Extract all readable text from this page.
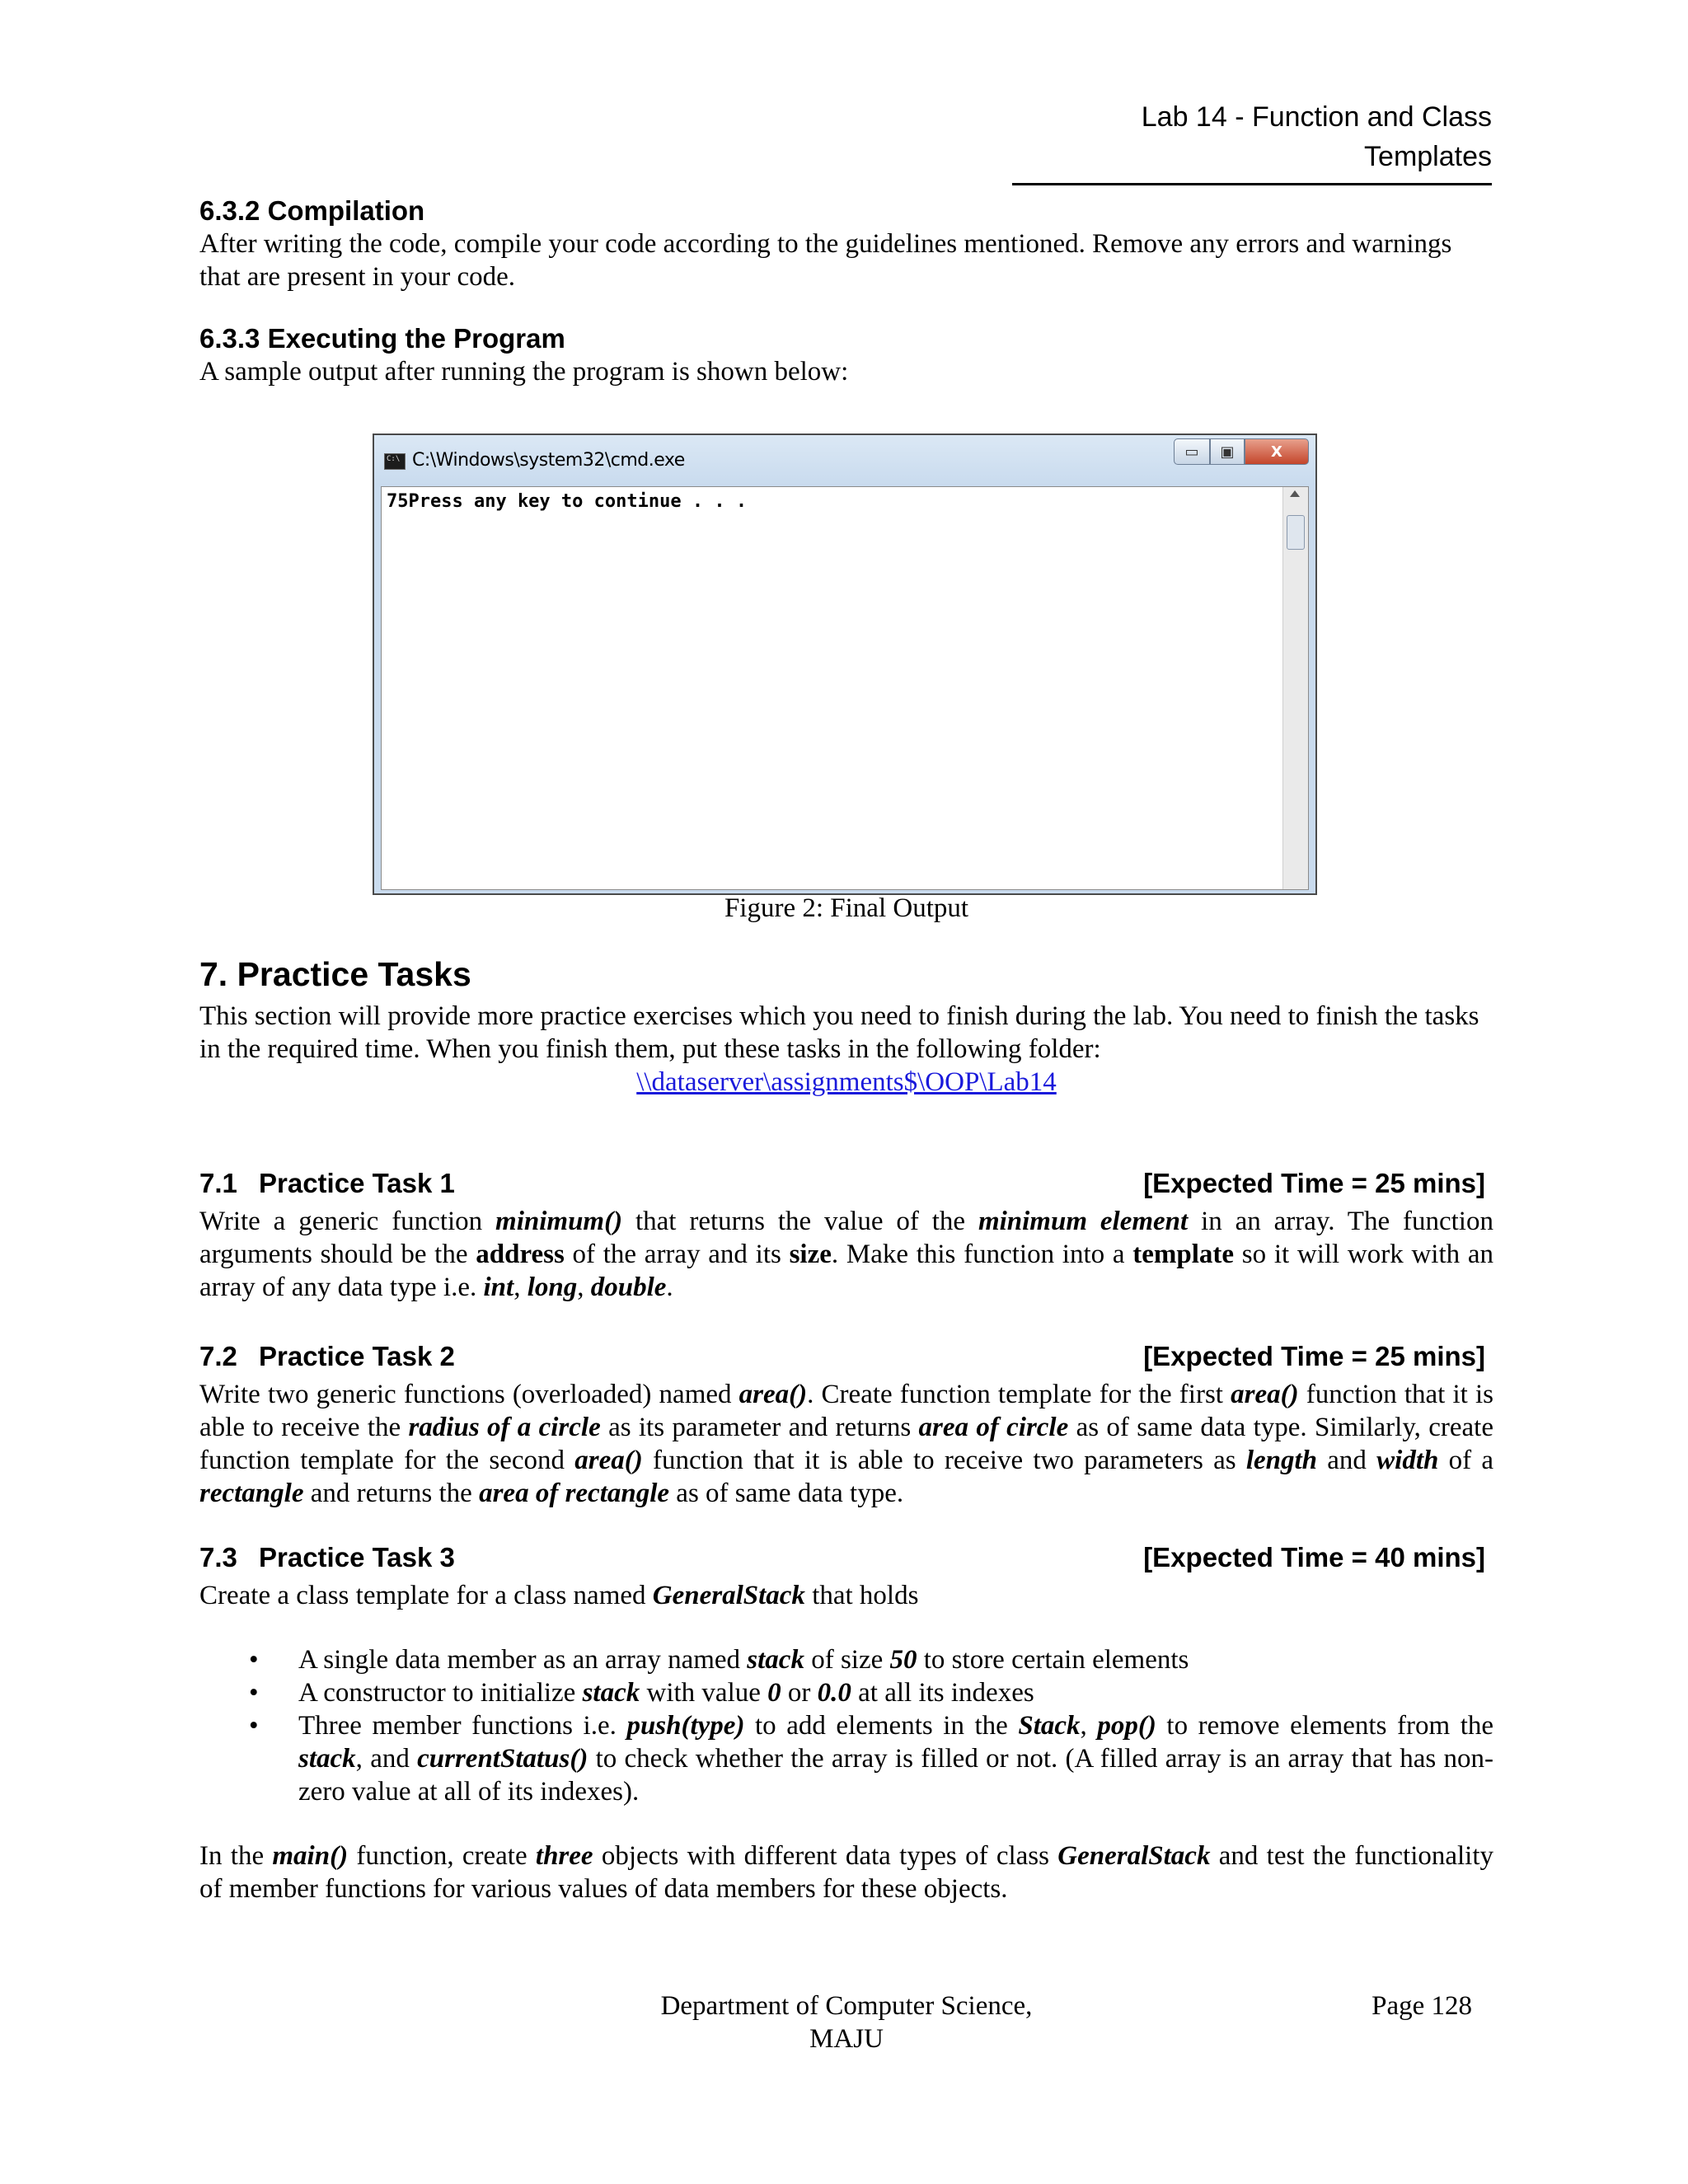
Lab 14 - Function and Class Templates
6.3.2 Compilation
After writing the code, compile your code according to the guidelines mentioned. Remove any errors and warnings that are present in your code.
6.3.3 Executing the Program
A sample output after running the program is shown below:
C:\ C:\Windows\system32\cmd.exe	▭	▣	X
75Press any key to continue . . .
Figure 2: Final Output
7. Practice Tasks
This section will provide more practice exercises which you need to finish during the lab. You need to finish the tasks in the required time. When you finish them, put these tasks in the following folder:
\\dataserver\assignments$\OOP\Lab14
7.1 Practice Task 1	[Expected Time = 25 mins]
Write a generic function minimum() that returns the value of the minimum element in an array. The function arguments should be the address of the array and its size. Make this function into a template so it will work with an array of any data type i.e. int, long, double.
7.2 Practice Task 2	[Expected Time = 25 mins]
Write two generic functions (overloaded) named area(). Create function template for the first area() function that it is able to receive the radius of a circle as its parameter and returns area of circle as of same data type. Similarly, create function template for the second area() function that it is able to receive two parameters as length and width of a rectangle and returns the area of rectangle as of same data type.
7.3 Practice Task 3	[Expected Time = 40 mins]
Create a class template for a class named GeneralStack that holds
• A single data member as an array named stack of size 50 to store certain elements
• A constructor to initialize stack with value 0 or 0.0 at all its indexes
• Three member functions i.e. push(type) to add elements in the Stack, pop() to remove elements from the stack, and currentStatus() to check whether the array is filled or not. (A filled array is an array that has non-zero value at all of its indexes).
In the main() function, create three objects with different data types of class GeneralStack and test the functionality of member functions for various values of data members for these objects.
Department of Computer Science,
MAJU
Page 128
